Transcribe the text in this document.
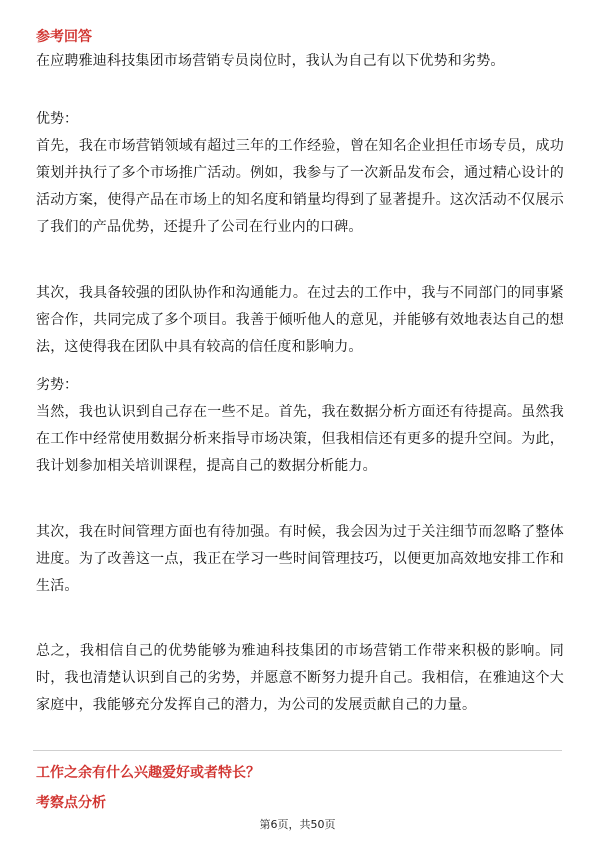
参考回答
在应聘雅迪科技集团市场营销专员岗位时，我认为自己有以下优势和劣势。
优势：
首先，我在市场营销领域有超过三年的工作经验，曾在知名企业担任市场专员，成功策划并执行了多个市场推广活动。例如，我参与了一次新品发布会，通过精心设计的活动方案，使得产品在市场上的知名度和销量均得到了显著提升。这次活动不仅展示了我们的产品优势，还提升了公司在行业内的口碑。
其次，我具备较强的团队协作和沟通能力。在过去的工作中，我与不同部门的同事紧密合作，共同完成了多个项目。我善于倾听他人的意见，并能够有效地表达自己的想法，这使得我在团队中具有较高的信任度和影响力。
劣势：
当然，我也认识到自己存在一些不足。首先，我在数据分析方面还有待提高。虽然我在工作中经常使用数据分析来指导市场决策，但我相信还有更多的提升空间。为此，我计划参加相关培训课程，提高自己的数据分析能力。
其次，我在时间管理方面也有待加强。有时候，我会因为过于关注细节而忽略了整体进度。为了改善这一点，我正在学习一些时间管理技巧，以便更加高效地安排工作和生活。
总之，我相信自己的优势能够为雅迪科技集团的市场营销工作带来积极的影响。同时，我也清楚认识到自己的劣势，并愿意不断努力提升自己。我相信，在雅迪这个大家庭中，我能够充分发挥自己的潜力，为公司的发展贡献自己的力量。
工作之余有什么兴趣爱好或者特长？
考察点分析
第6页，共50页
